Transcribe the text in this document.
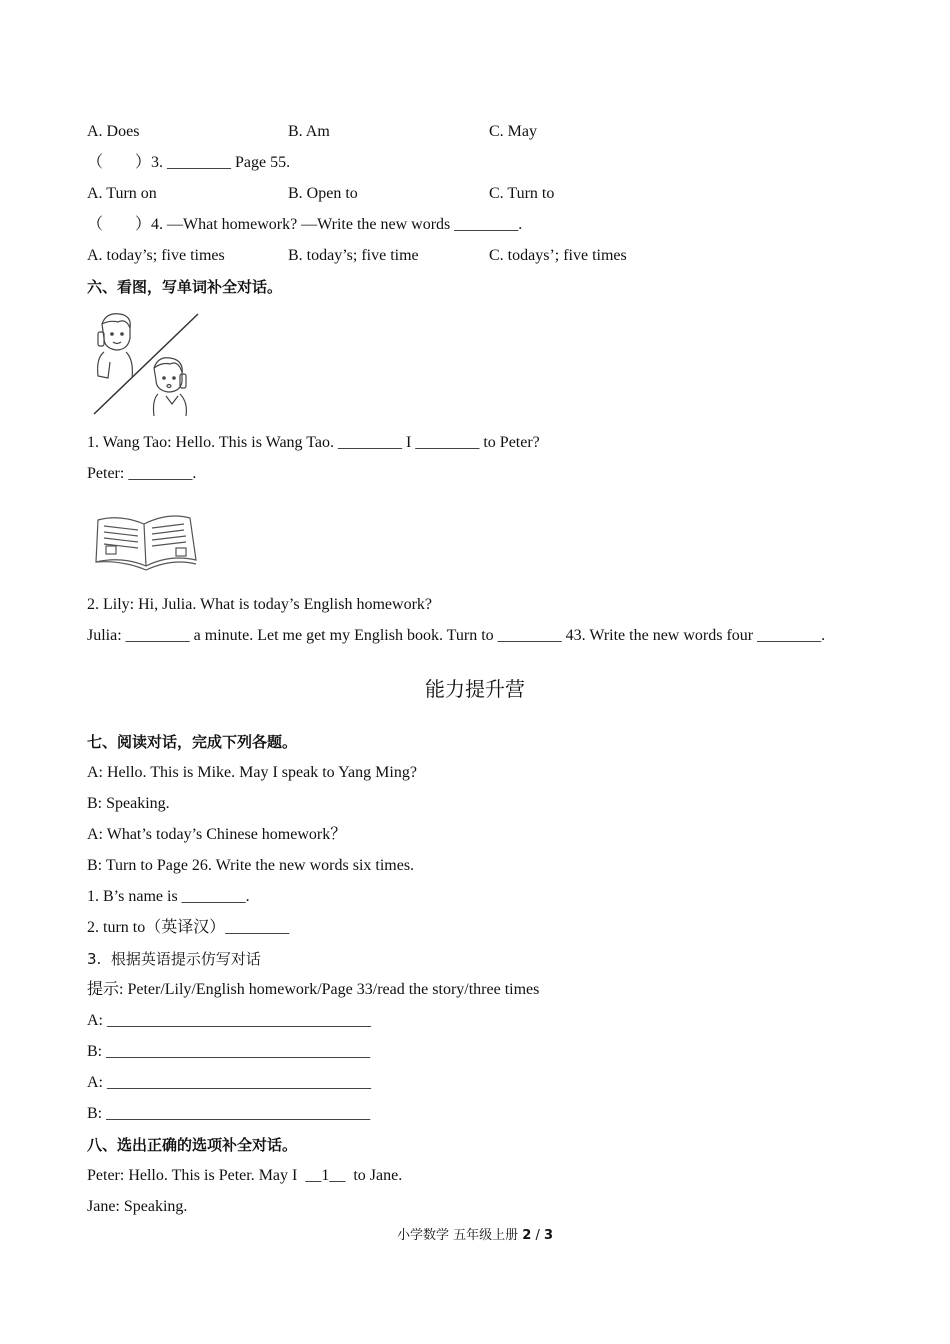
A. Does	B. Am	C. May
（　　）3. ________ Page 55.
A. Turn on	B. Open to	C. Turn to
（　　）4. —What homework? —Write the new words ________.
A. today’s; five times	B. today’s; five time	C. todays’; five times
六、看图，写单词补全对话。
1. Wang Tao: Hello. This is Wang Tao. ________ I ________ to Peter?
Peter: ________.
2. Lily: Hi, Julia. What is today’s English homework?
Julia: ________ a minute. Let me get my English book. Turn to ________ 43. Write the new words four ________.
能力提升营
七、阅读对话，完成下列各题。
A: Hello. This is Mike. May I speak to Yang Ming?
B: Speaking.
A: What’s today’s Chinese homework？
B: Turn to Page 26. Write the new words six times.
1. B’s name is ________.
2. turn to（英译汉）________
3.  根据英语提示仿写对话
提示: Peter/Lily/English homework/Page 33/read the story/three times
A: _________________________________
B: _________________________________
A: _________________________________
B: _________________________________
八、选出正确的选项补全对话。
Peter: Hello. This is Peter. May I  __1__  to Jane.
Jane: Speaking.
小学数学 五年级上册 2 / 3
